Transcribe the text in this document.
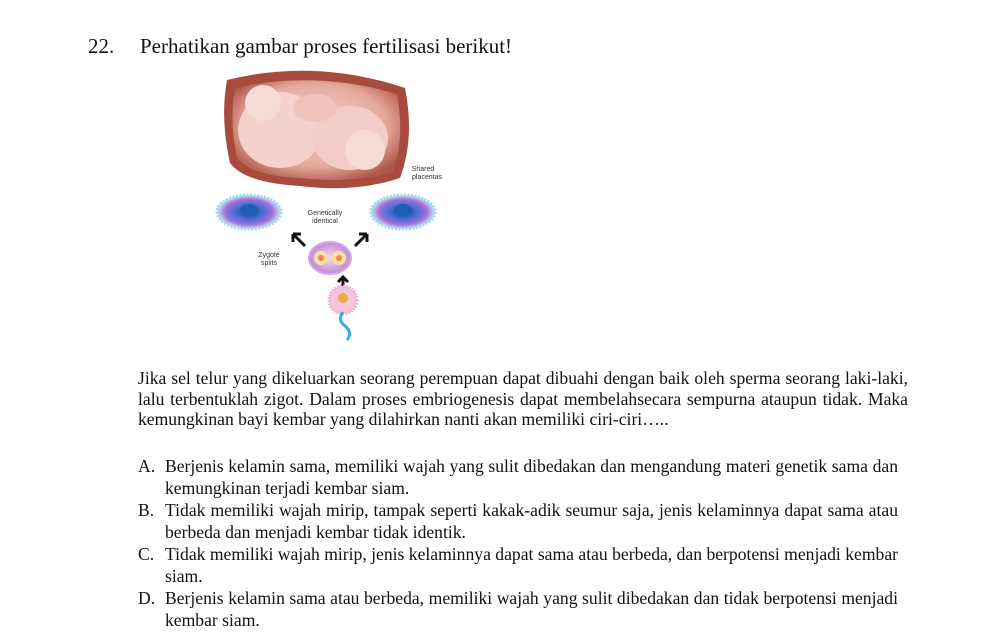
22. Perhatikan gambar proses fertilisasi berikut!
Shared
placentas
Genetically
identical
Zygote
splits
Jika sel telur yang dikeluarkan seorang perempuan dapat dibuahi dengan baik oleh sperma seorang laki-laki, lalu terbentuklah zigot. Dalam proses embriogenesis dapat membelahsecara sempurna ataupun tidak. Maka kemungkinan bayi kembar yang dilahirkan nanti akan memiliki ciri-ciri…..
A. Berjenis kelamin sama, memiliki wajah yang sulit dibedakan dan mengandung materi genetik sama dan kemungkinan terjadi kembar siam.
B. Tidak memiliki wajah mirip, tampak seperti kakak-adik seumur saja, jenis kelaminnya dapat sama atau berbeda dan menjadi kembar tidak identik.
C. Tidak memiliki wajah mirip, jenis kelaminnya dapat sama atau berbeda, dan berpotensi menjadi kembar siam.
D. Berjenis kelamin sama atau berbeda, memiliki wajah yang sulit dibedakan dan tidak berpotensi menjadi kembar siam.
